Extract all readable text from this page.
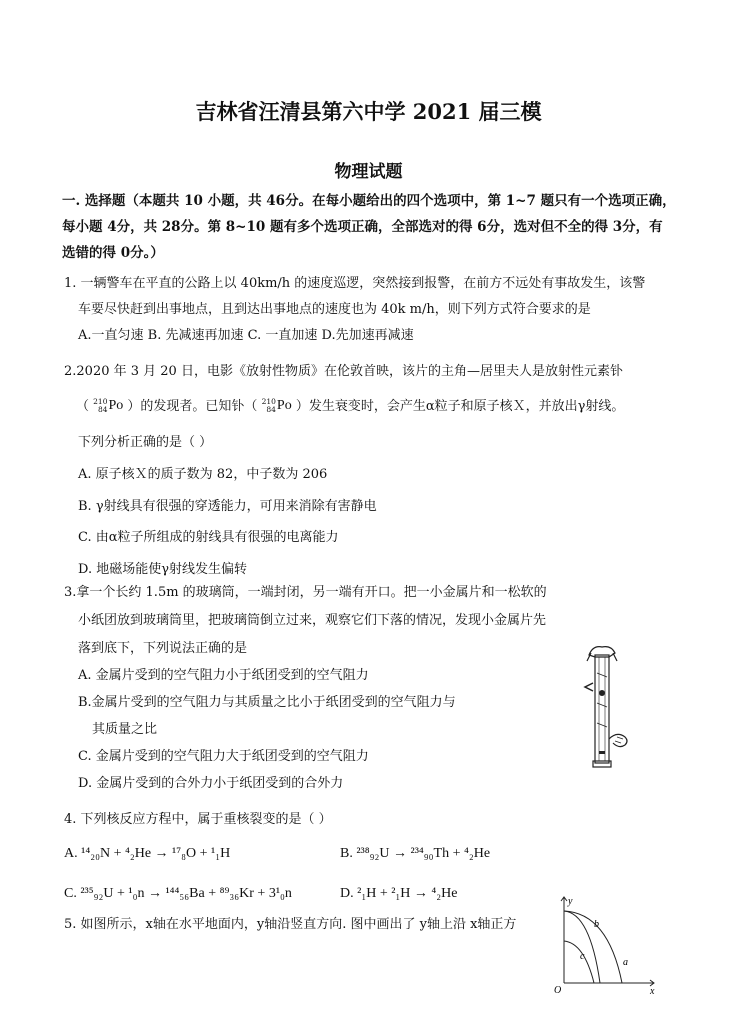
吉林省汪清县第六中学 2021 届三模
物理试题
一. 选择题（本题共 10 小题，共 46分。在每小题给出的四个选项中，第 1~7 题只有一个选项正确，
每小题 4分，共 28分。第 8~10 题有多个选项正确，全部选对的得 6分，选对但不全的得 3分，有
选错的得 0分。）
1. 一辆警车在平直的公路上以 40km/h 的速度巡逻，突然接到报警，在前方不远处有事故发生，该警
车要尽快赶到出事地点，且到达出事地点的速度也为 40k m/h，则下列方式符合要求的是
A.一直匀速 B. 先减速再加速 C. 一直加速 D.先加速再减速
2.2020 年 3 月 20 日，电影《放射性物质》在伦敦首映，该片的主角—居里夫人是放射性元素钋
（ 210
84 Po ）的发现者。已知钋（ 210
84 Po ）发生衰变时，会产生α粒子和原子核Ｘ，并放出γ射线。
下列分析正确的是（ ）
A. 原子核Ｘ的质子数为 82，中子数为 206
B. γ射线具有很强的穿透能力，可用来消除有害静电
C. 由α粒子所组成的射线具有很强的电离能力
D. 地磁场能使γ射线发生偏转
3.拿一个长约 1.5m 的玻璃筒，一端封闭，另一端有开口。把一小金属片和一松软的
小纸团放到玻璃筒里，把玻璃筒倒立过来，观察它们下落的情况，发现小金属片先
落到底下，下列说法正确的是
A. 金属片受到的空气阻力小于纸团受到的空气阻力
B.金属片受到的空气阻力与其质量之比小于纸团受到的空气阻力与
其质量之比
C. 金属片受到的空气阻力大于纸团受到的空气阻力
D. 金属片受到的合外力小于纸团受到的合外力
4. 下列核反应方程中，属于重核裂变的是（ ）
A. ¹⁴₂₀N + ⁴₂He → ¹⁷₈O + ¹₁H	B. ²³⁸₉₂U → ²³⁴₉₀Th + ⁴₂He
C. ²³⁵₉₂U + ¹₀n → ¹⁴⁴₅₆Ba + ⁸⁹₃₆Kr + 3¹₀n	D. ²₁H + ²₁H → ⁴₂He
5. 如图所示，x轴在水平地面内，y轴沿竖直方向. 图中画出了 y轴上沿 x轴正方
y
x
O
a
b
c
